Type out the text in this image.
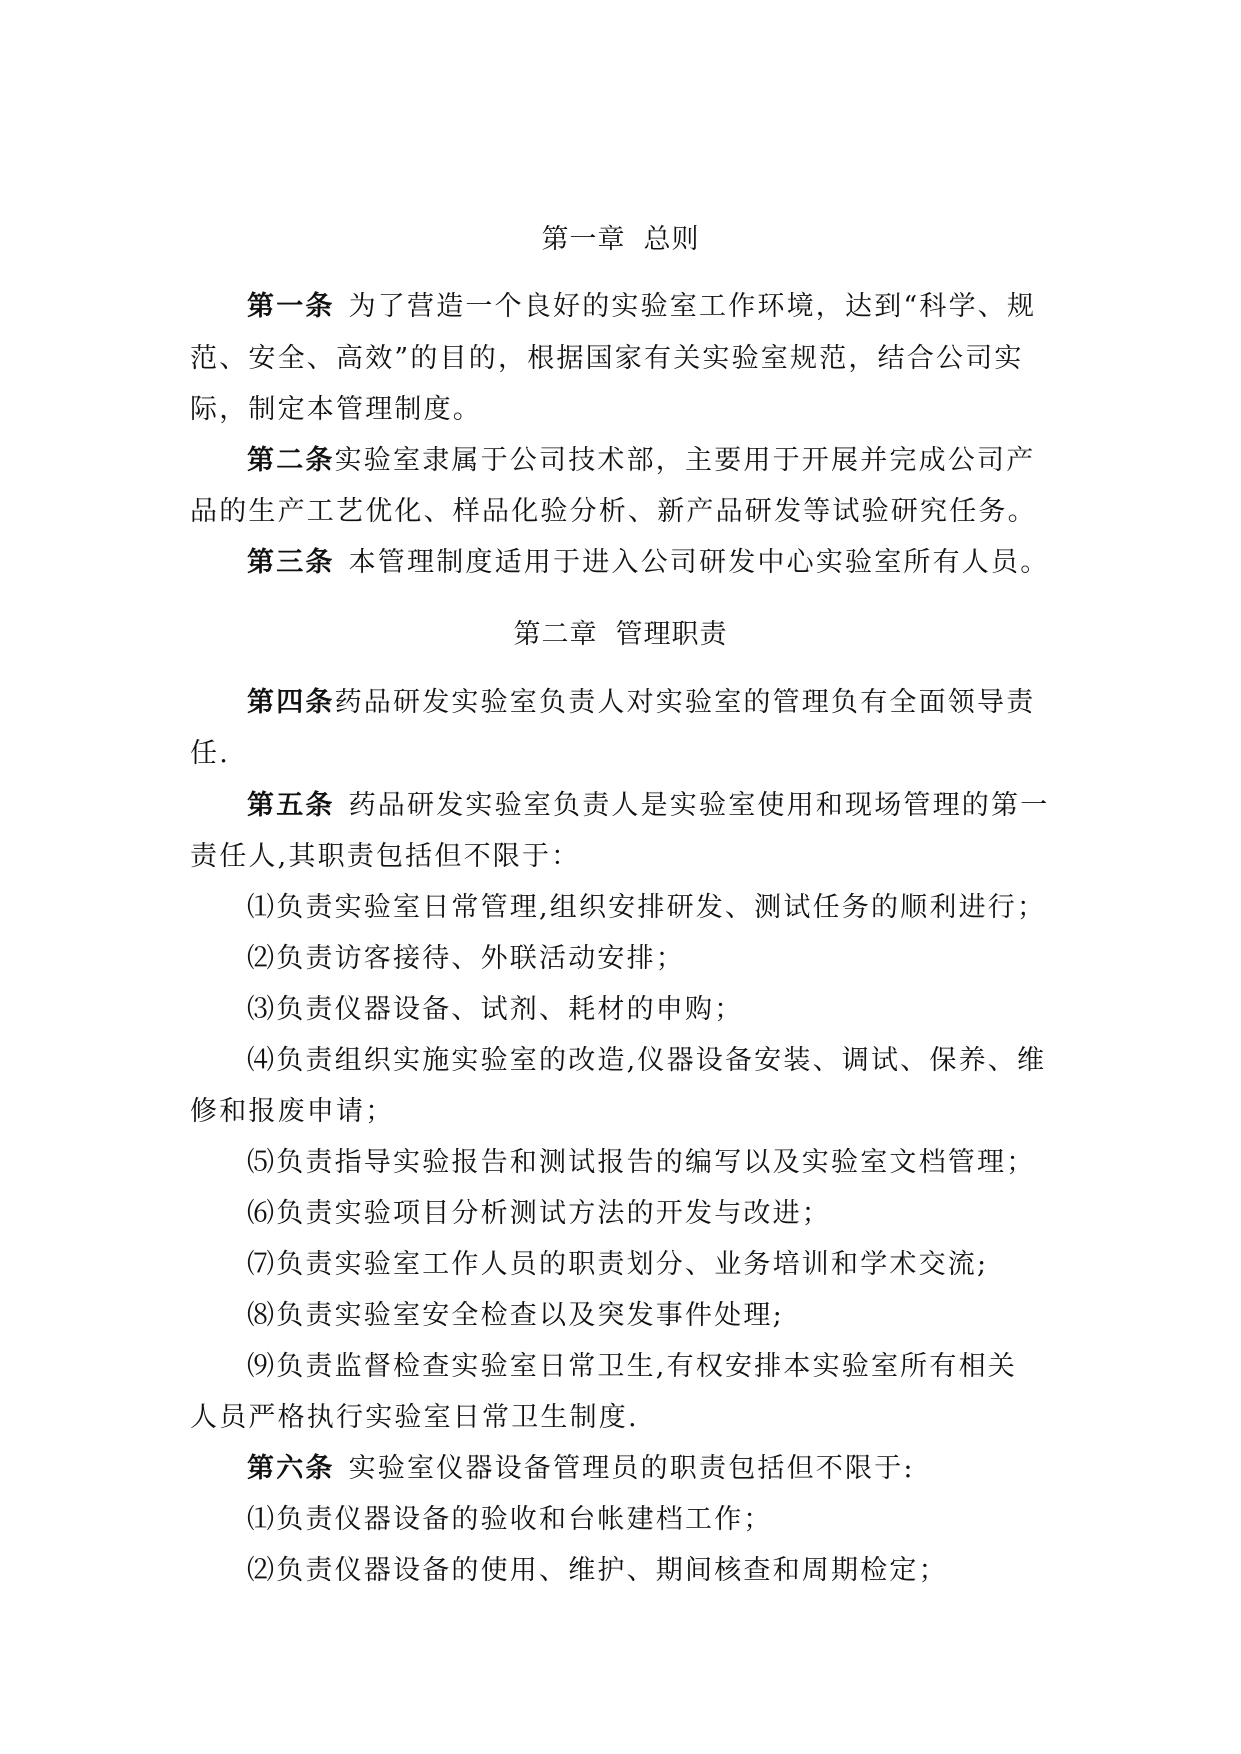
第一章 总则
第一条 为了营造一个良好的实验室工作环境，达到“科学、规
范、安全、高效”的目的，根据国家有关实验室规范，结合公司实
际，制定本管理制度。
第二条实验室隶属于公司技术部，主要用于开展并完成公司产
品的生产工艺优化、样品化验分析、新产品研发等试验研究任务。
第三条 本管理制度适用于进入公司研发中心实验室所有人员。
第二章 管理职责
第四条药品研发实验室负责人对实验室的管理负有全面领导责
任.
第五条 药品研发实验室负责人是实验室使用和现场管理的第一
责任人,其职责包括但不限于：
⑴负责实验室日常管理,组织安排研发、测试任务的顺利进行；
⑵负责访客接待、外联活动安排；
⑶负责仪器设备、试剂、耗材的申购；
⑷负责组织实施实验室的改造,仪器设备安装、调试、保养、维
修和报废申请；
⑸负责指导实验报告和测试报告的编写以及实验室文档管理；
⑹负责实验项目分析测试方法的开发与改进；
⑺负责实验室工作人员的职责划分、业务培训和学术交流;
⑻负责实验室安全检查以及突发事件处理;
⑼负责监督检查实验室日常卫生,有权安排本实验室所有相关
人员严格执行实验室日常卫生制度.
第六条 实验室仪器设备管理员的职责包括但不限于:
⑴负责仪器设备的验收和台帐建档工作；
⑵负责仪器设备的使用、维护、期间核查和周期检定；
